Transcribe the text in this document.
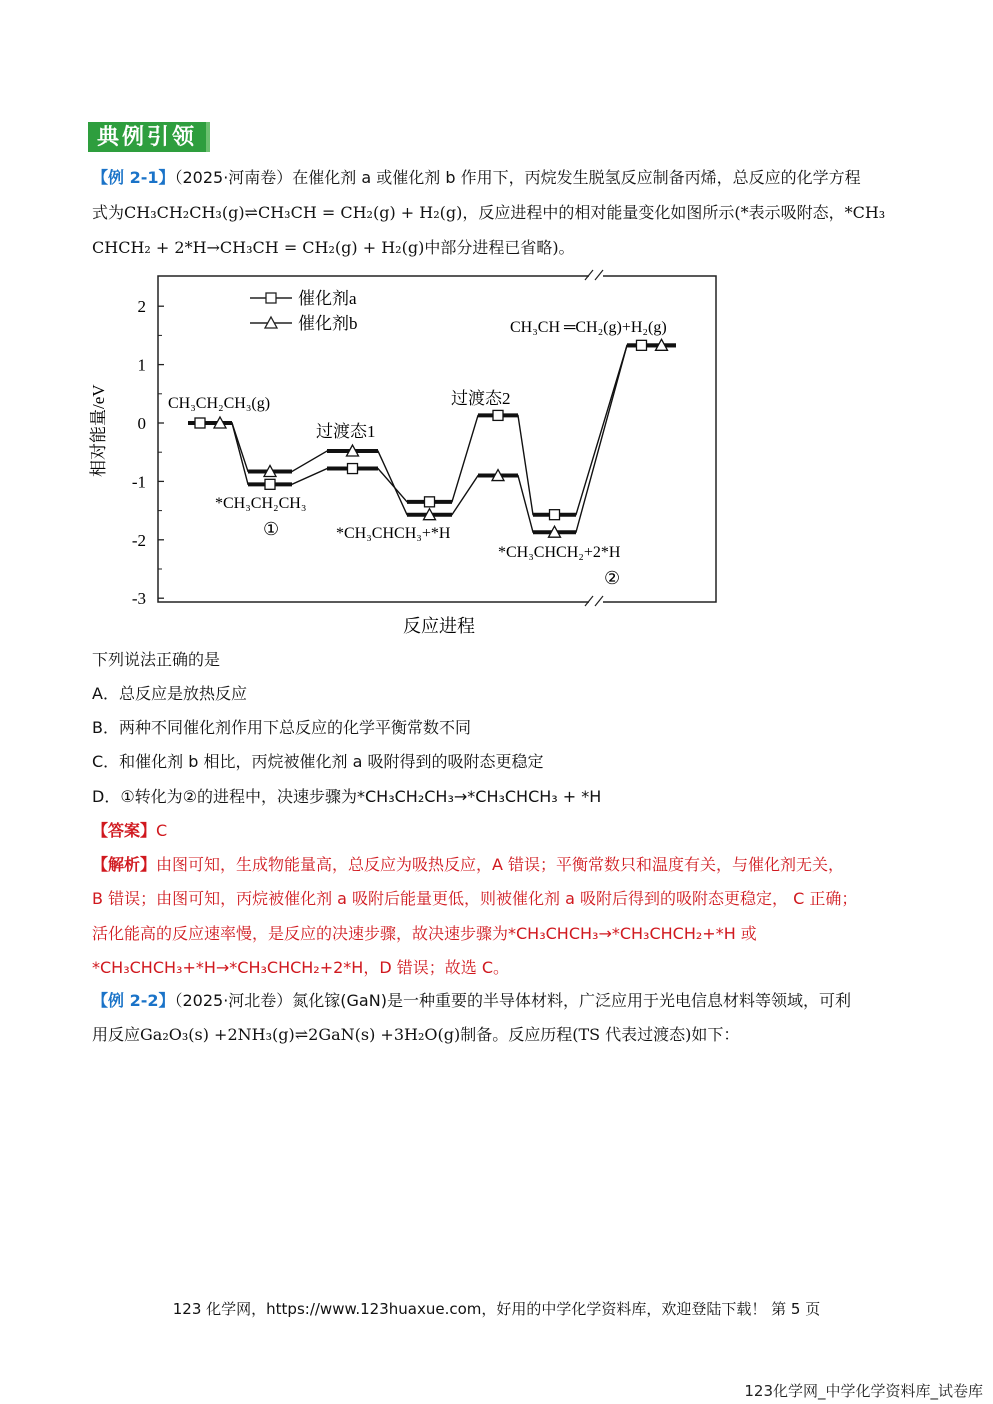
典例引领
【例 2-1】（2025·河南卷）在催化剂 a 或催化剂 b 作用下，丙烷发生脱氢反应制备丙烯，总反应的化学方程
式为CH₃CH₂CH₃(g)⇌CH₃CH = CH₂(g) + H₂(g)，反应进程中的相对能量变化如图所示(*表示吸附态，*CH₃
CHCH₂ + 2*H→CH₃CH = CH₂(g) + H₂(g)中部分进程已省略)。
2
1
0
-1
-2
-3
催化剂a
催化剂b
CH₃CH₂CH₃(g)
*CH₃CH₂CH₃
①
过渡态1
*CH₃CHCH₃+*H
过渡态2
*CH₃CHCH₂+2*H
②
CH₃CH ═CH₂(g)+H₂(g)
相对能量/eV
反应进程
下列说法正确的是
A．总反应是放热反应
B．两种不同催化剂作用下总反应的化学平衡常数不同
C．和催化剂 b 相比，丙烷被催化剂 a 吸附得到的吸附态更稳定
D．①转化为②的进程中，决速步骤为*CH₃CH₂CH₃→*CH₃CHCH₃ + *H
【答案】C
【解析】由图可知，生成物能量高，总反应为吸热反应，A 错误；平衡常数只和温度有关，与催化剂无关，
B 错误；由图可知，丙烷被催化剂 a 吸附后能量更低，则被催化剂 a 吸附后得到的吸附态更稳定， C 正确；
活化能高的反应速率慢，是反应的决速步骤，故决速步骤为*CH₃CHCH₃→*CH₃CHCH₂+*H 或
*CH₃CHCH₃+*H→*CH₃CHCH₂+2*H，D 错误；故选 C。
【例 2-2】（2025·河北卷）氮化镓(GaN)是一种重要的半导体材料，广泛应用于光电信息材料等领域，可利
用反应Ga₂O₃(s) +2NH₃(g)⇌2GaN(s) +3H₂O(g)制备。反应历程(TS 代表过渡态)如下：
123 化学网，https://www.123huaxue.com，好用的中学化学资料库，欢迎登陆下载！ 第 5 页
123化学网_中学化学资料库_试卷库
